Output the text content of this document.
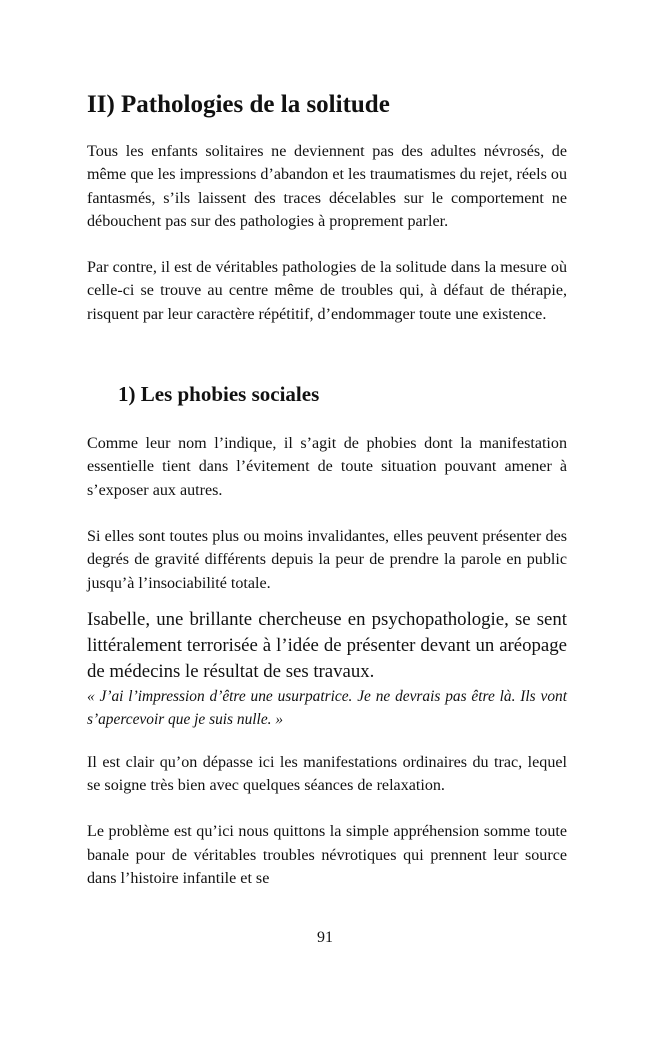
II) Pathologies de la solitude

Tous les enfants solitaires ne deviennent pas des adultes névrosés, de même que les impressions d’abandon et les traumatismes du rejet, réels ou fantasmés, s’ils laissent des traces décelables sur le comportement ne débouchent pas sur des pathologies à proprement parler.

Par contre, il est de véritables pathologies de la solitude dans la mesure où celle-ci se trouve au centre même de troubles qui, à défaut de thérapie, risquent par leur caractère répétitif, d’endommager toute une existence.

1) Les phobies sociales

Comme leur nom l’indique, il s’agit de phobies dont la manifestation essentielle tient dans l’évitement de toute situation pouvant amener à s’exposer aux autres.

Si elles sont toutes plus ou moins invalidantes, elles peuvent présenter des degrés de gravité différents depuis la peur de prendre la parole en public jusqu’à l’insociabilité totale.

Isabelle, une brillante chercheuse en psychopathologie, se sent littéralement terrorisée à l’idée de présenter devant un aréopage de médecins le résultat de ses travaux.

« J’ai l’impression d’être une usurpatrice. Je ne devrais pas être là. Ils vont s’apercevoir que je suis nulle. »

Il est clair qu’on dépasse ici les manifestations ordinaires du trac, lequel se soigne très bien avec quelques séances de relaxation.

Le problème est qu’ici nous quittons la simple appréhension somme toute banale pour de véritables troubles névrotiques qui prennent leur source dans l’histoire infantile et se

91
